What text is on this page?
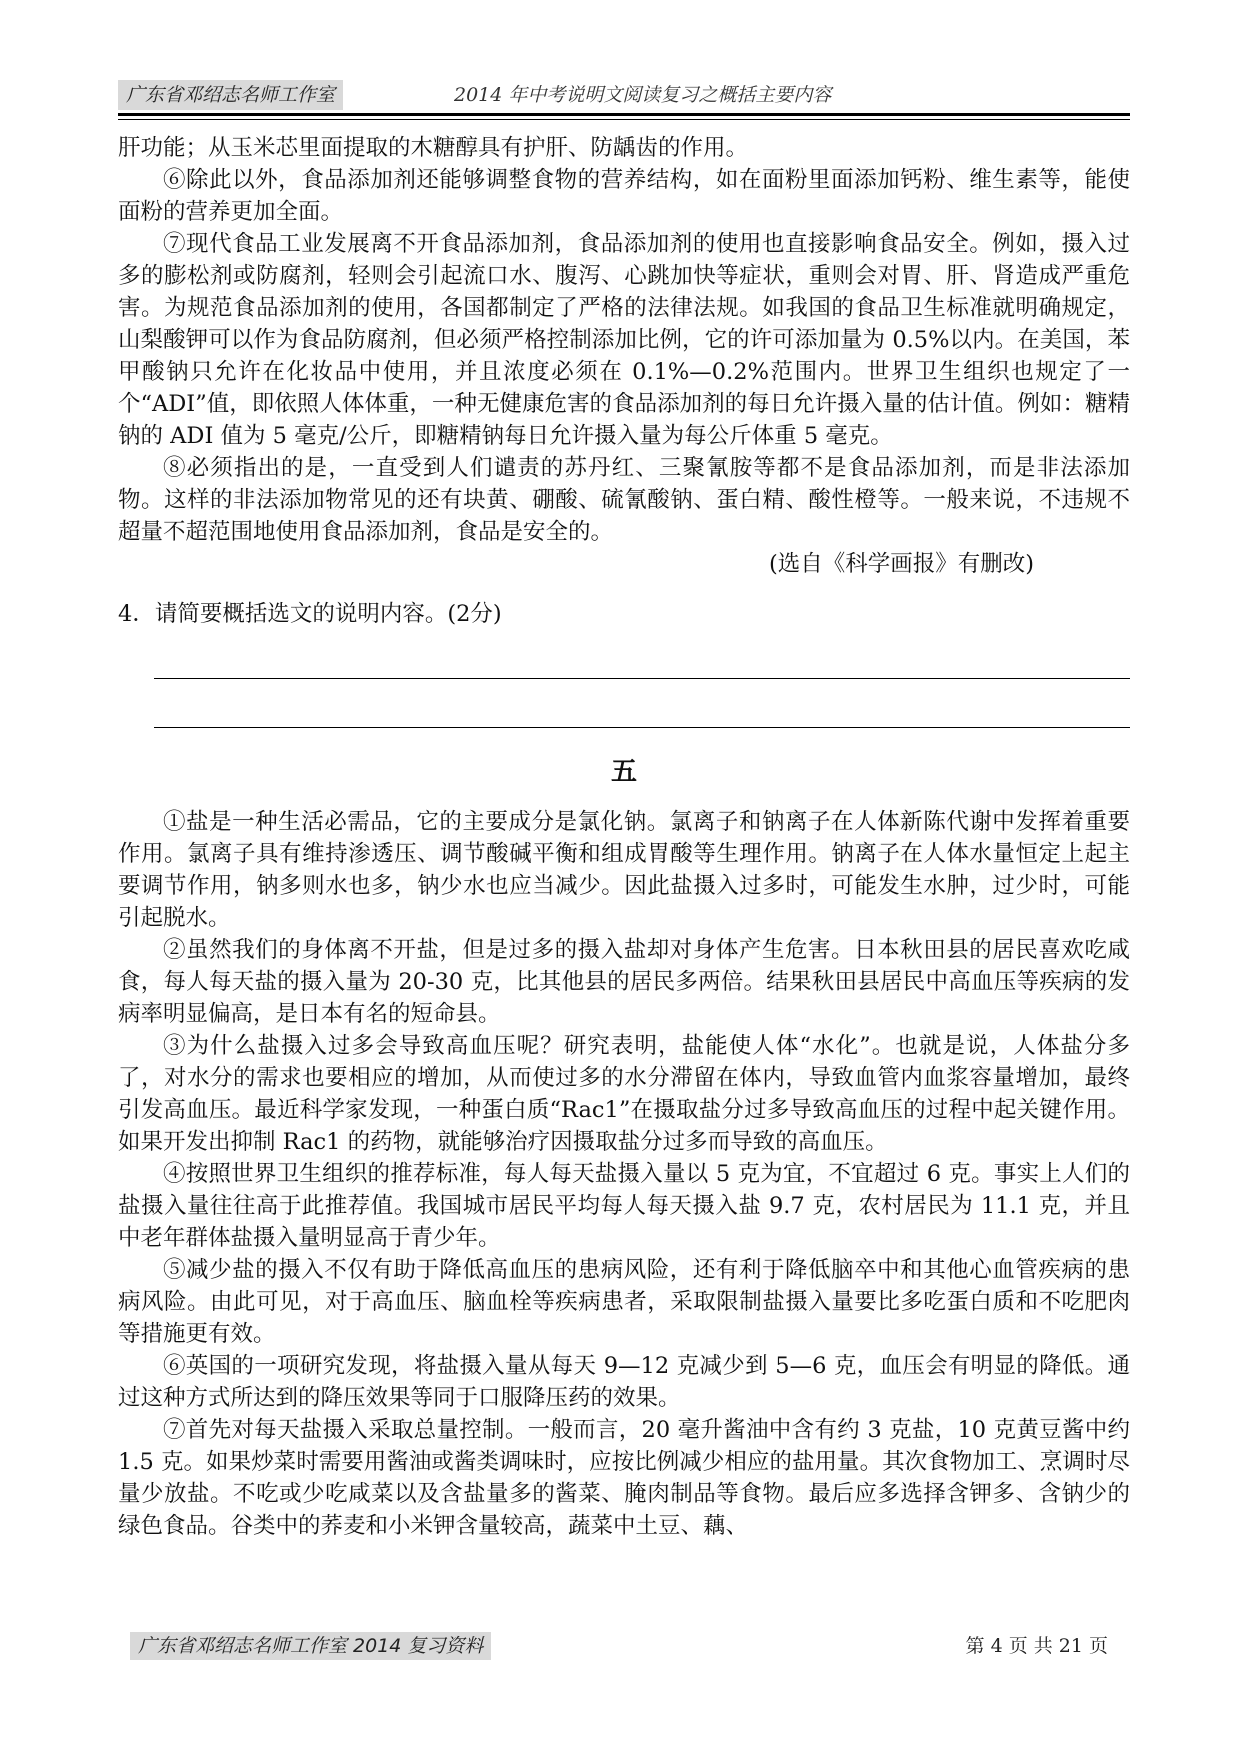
广东省邓绍志名师工作室	2014 年中考说明文阅读复习之概括主要内容

肝功能；从玉米芯里面提取的木糖醇具有护肝、防龋齿的作用。

⑥除此以外，食品添加剂还能够调整食物的营养结构，如在面粉里面添加钙粉、维生素等，能使面粉的营养更加全面。

⑦现代食品工业发展离不开食品添加剂，食品添加剂的使用也直接影响食品安全。例如，摄入过多的膨松剂或防腐剂，轻则会引起流口水、腹泻、心跳加快等症状，重则会对胃、肝、肾造成严重危害。为规范食品添加剂的使用，各国都制定了严格的法律法规。如我国的食品卫生标准就明确规定，山梨酸钾可以作为食品防腐剂，但必须严格控制添加比例，它的许可添加量为 0.5%以内。在美国，苯甲酸钠只允许在化妆品中使用，并且浓度必须在 0.1%—0.2%范围内。世界卫生组织也规定了一个“ADI”值，即依照人体体重，一种无健康危害的食品添加剂的每日允许摄入量的估计值。例如：糖精钠的 ADI 值为 5 毫克/公斤，即糖精钠每日允许摄入量为每公斤体重 5 毫克。

⑧必须指出的是，一直受到人们谴责的苏丹红、三聚氰胺等都不是食品添加剂，而是非法添加物。这样的非法添加物常见的还有块黄、硼酸、硫氰酸钠、蛋白精、酸性橙等。一般来说，不违规不超量不超范围地使用食品添加剂，食品是安全的。

(选自《科学画报》有删改)

4．请简要概括选文的说明内容。(2分)

五

①盐是一种生活必需品，它的主要成分是氯化钠。氯离子和钠离子在人体新陈代谢中发挥着重要作用。氯离子具有维持渗透压、调节酸碱平衡和组成胃酸等生理作用。钠离子在人体水量恒定上起主要调节作用，钠多则水也多，钠少水也应当减少。因此盐摄入过多时，可能发生水肿，过少时，可能引起脱水。

②虽然我们的身体离不开盐，但是过多的摄入盐却对身体产生危害。日本秋田县的居民喜欢吃咸食，每人每天盐的摄入量为 20-30 克，比其他县的居民多两倍。结果秋田县居民中高血压等疾病的发病率明显偏高，是日本有名的短命县。

③为什么盐摄入过多会导致高血压呢？研究表明，盐能使人体“水化”。也就是说，人体盐分多了，对水分的需求也要相应的增加，从而使过多的水分滞留在体内，导致血管内血浆容量增加，最终引发高血压。最近科学家发现，一种蛋白质“Rac1”在摄取盐分过多导致高血压的过程中起关键作用。如果开发出抑制 Rac1 的药物，就能够治疗因摄取盐分过多而导致的高血压。

④按照世界卫生组织的推荐标准，每人每天盐摄入量以 5 克为宜，不宜超过 6 克。事实上人们的盐摄入量往往高于此推荐值。我国城市居民平均每人每天摄入盐 9.7 克，农村居民为 11.1 克，并且中老年群体盐摄入量明显高于青少年。

⑤减少盐的摄入不仅有助于降低高血压的患病风险，还有利于降低脑卒中和其他心血管疾病的患病风险。由此可见，对于高血压、脑血栓等疾病患者，采取限制盐摄入量要比多吃蛋白质和不吃肥肉等措施更有效。

⑥英国的一项研究发现，将盐摄入量从每天 9—12 克减少到 5—6 克，血压会有明显的降低。通过这种方式所达到的降压效果等同于口服降压药的效果。

⑦首先对每天盐摄入采取总量控制。一般而言，20 毫升酱油中含有约 3 克盐，10 克黄豆酱中约 1.5 克。如果炒菜时需要用酱油或酱类调味时，应按比例减少相应的盐用量。其次食物加工、烹调时尽量少放盐。不吃或少吃咸菜以及含盐量多的酱菜、腌肉制品等食物。最后应多选择含钾多、含钠少的绿色食品。谷类中的荞麦和小米钾含量较高，蔬菜中土豆、藕、

广东省邓绍志名师工作室 2014 复习资料	第 4 页 共 21 页
